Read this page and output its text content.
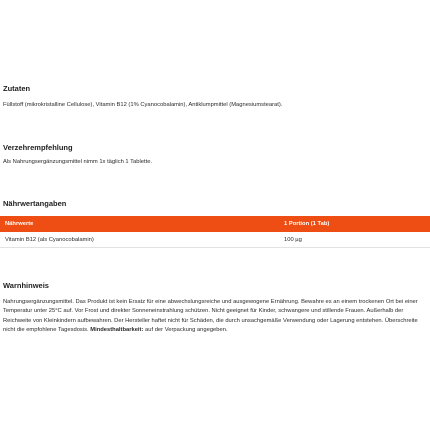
Zutaten

Füllstoff (mikrokristalline Cellulose), Vitamin B12 (1% Cyanocobalamin), Antiklumpmittel (Magnesiumstearat).

Verzehrempfehlung

Als Nahrungsergänzungsmittel nimm 1x täglich 1 Tablette.

Nährwertangaben
Nährwerte	1 Portion (1 Tab)
Vitamin B12 (als Cyanocobalamin)	100 µg
Warnhinweis

Nahrungsergänzungsmittel. Das Produkt ist kein Ersatz für eine abwechslungsreiche und ausgewogene Ernährung. Bewahre es an einem trockenen Ort bei einer Temperatur unter 25°C auf. Vor Frost und direkter Sonneneinstrahlung schützen. Nicht geeignet für Kinder, schwangere und stillende Frauen. Außerhalb der Reichweite von Kleinkindern aufbewahren. Der Hersteller haftet nicht für Schäden, die durch unsachgemäße Verwendung oder Lagerung entstehen. Überschreite nicht die empfohlene Tagesdosis. Mindesthaltbarkeit: auf der Verpackung angegeben.
